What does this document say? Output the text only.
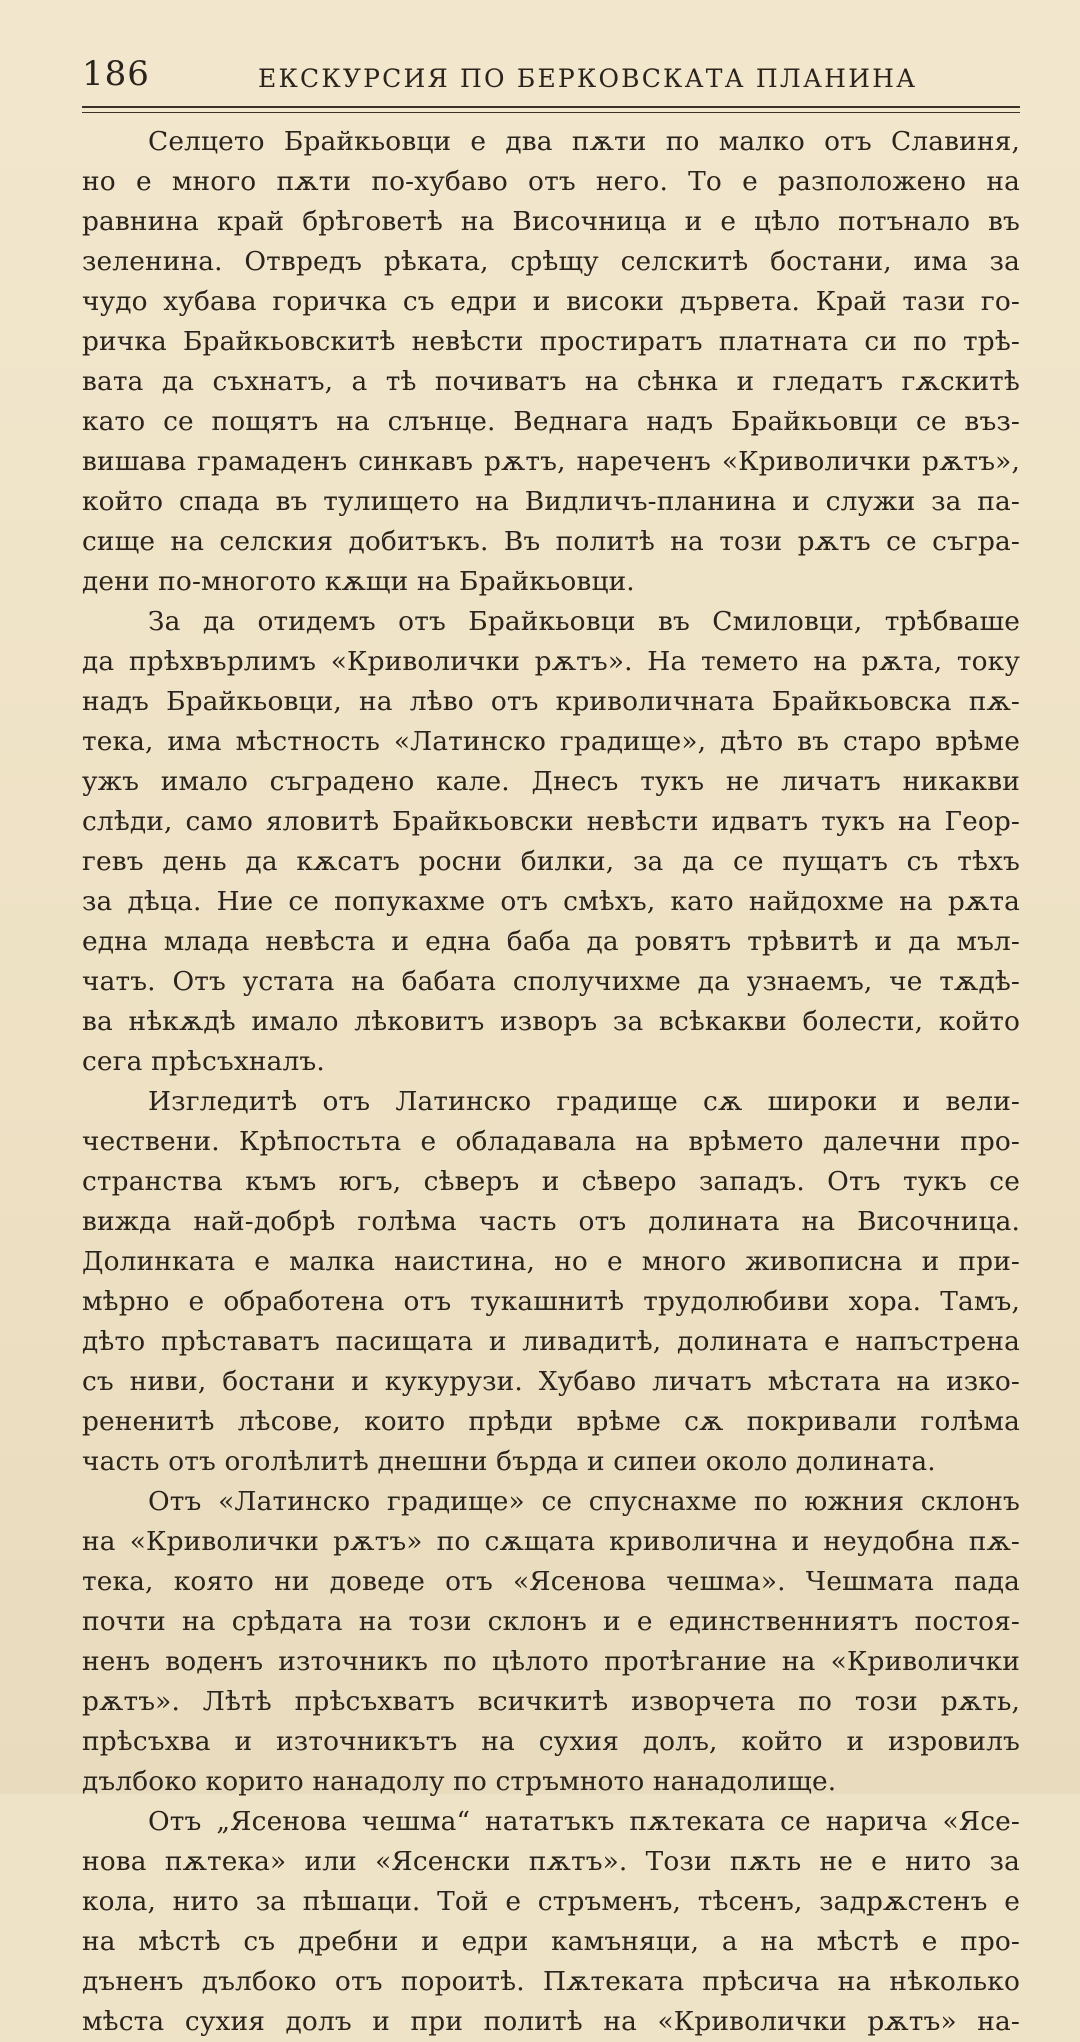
186	ЕКСКУРСИЯ ПО БЕРКОВСКАТА ПЛАНИНА
Селцето Брайкьовци е два пѫти по малко отъ Славиня,
но е много пѫти по-хубаво отъ него. То е разположено на
равнина край брѣговетѣ на Височница и е цѣло потънало въ
зеленина. Отвредъ рѣката, срѣщу селскитѣ бостани, има за
чудо хубава горичка съ едри и високи дървета. Край тази го-
ричка Брайкьовскитѣ невѣсти простиратъ платната си по трѣ-
вата да съхнатъ, а тѣ почиватъ на сѣнка и гледатъ гѫскитѣ
като се пощятъ на слънце. Веднага надъ Брайкьовци се въз-
вишава грамаденъ синкавъ рѫтъ, нареченъ «Криволички рѫтъ»,
който спада въ тулището на Видличъ-планина и служи за па-
сище на селския добитъкъ. Въ политѣ на този рѫтъ се съгра-
дени по-многото кѫщи на Брайкьовци.
За да отидемъ отъ Брайкьовци въ Смиловци, трѣбваше
да прѣхвърлимъ «Криволички рѫтъ». На темето на рѫта, току
надъ Брайкьовци, на лѣво отъ криволичната Брайкьовска пѫ-
тека, има мѣстность «Латинско градище», дѣто въ старо врѣме
ужъ имало съградено кале. Днесъ тукъ не личатъ никакви
слѣди, само яловитѣ Брайкьовски невѣсти идватъ тукъ на Геор-
гевъ день да кѫсатъ росни билки, за да се пущатъ съ тѣхъ
за дѣца. Ние се попукахме отъ смѣхъ, като найдохме на рѫта
една млада невѣста и една баба да ровятъ трѣвитѣ и да мъл-
чатъ. Отъ устата на бабата сполучихме да узнаемъ, че тѫдѣ-
ва нѣкѫдѣ имало лѣковитъ изворъ за всѣкакви болести, който
сега прѣсъхналъ.
Изгледитѣ отъ Латинско градище сѫ широки и вели-
чествени. Крѣпостьта е обладавала на врѣмето далечни про-
странства къмъ югъ, сѣверъ и сѣверо западъ. Отъ тукъ се
вижда най-добрѣ голѣма часть отъ долината на Височница.
Долинката е малка наистина, но е много живописна и при-
мѣрно е обработена отъ тукашнитѣ трудолюбиви хора. Тамъ,
дѣто прѣставатъ пасищата и ливадитѣ, долината е напъстрена
съ ниви, бостани и кукурузи. Хубаво личатъ мѣстата на изко-
рененитѣ лѣсове, които прѣди врѣме сѫ покривали голѣма
часть отъ оголѣлитѣ днешни бърда и сипеи около долината.
Отъ «Латинско градище» се спуснахме по южния склонъ
на «Криволички рѫтъ» по сѫщата криволична и неудобна пѫ-
тека, която ни доведе отъ «Ясенова чешма». Чешмата пада
почти на срѣдата на този склонъ и е единственниятъ постоя-
ненъ воденъ източникъ по цѣлото протѣгание на «Криволички
рѫтъ». Лѣтѣ прѣсъхватъ всичкитѣ изворчета по този рѫть,
прѣсъхва и източникътъ на сухия долъ, който и изровилъ
дълбоко корито нанадолу по стръмното нанадолище.
Отъ „Ясенова чешма“ нататъкъ пѫтеката се нарича «Ясе-
нова пѫтека» или «Ясенски пѫтъ». Този пѫть не е нито за
кола, нито за пѣшаци. Той е стръменъ, тѣсенъ, задрѫстенъ е
на мѣстѣ съ дребни и едри камъняци, а на мѣстѣ е про-
дъненъ дълбоко отъ пороитѣ. Пѫтеката прѣсича на нѣколько
мѣста сухия долъ и при политѣ на «Криволички рѫтъ» на-
